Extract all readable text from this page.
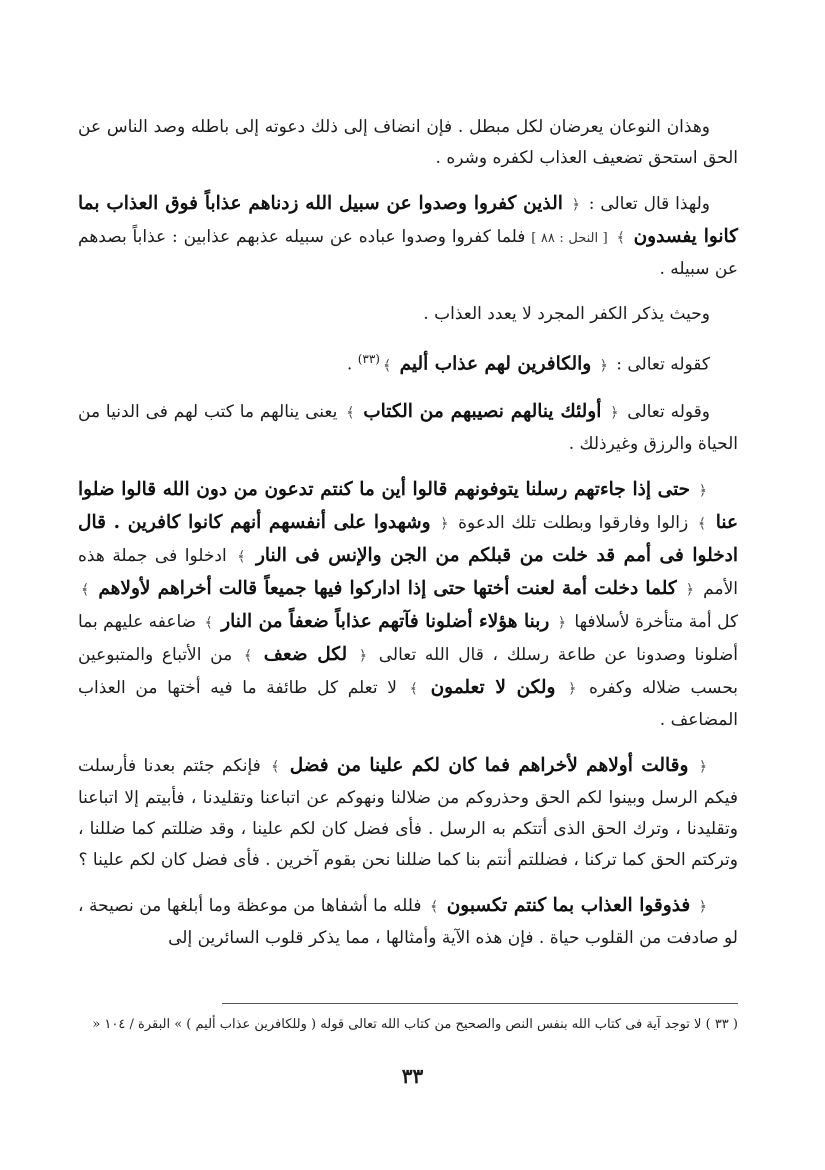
وهذان النوعان يعرضان لكل مبطل . فإن انضاف إلى ذلك دعوته إلى باطله وصد الناس عن الحق استحق تضعيف العذاب لكفره وشره .

ولهذا قال تعالى : ﴿ الذين كفروا وصدوا عن سبيل الله زدناهم عذاباً فوق العذاب بما كانوا يفسدون ﴾ [ النحل : ٨٨ ] فلما كفروا وصدوا عباده عن سبيله عذبهم عذابين : عذاباً بصدهم عن سبيله .

وحيث يذكر الكفر المجرد لا يعدد العذاب .

كقوله تعالى : ﴿ والكافرين لهم عذاب أليم ﴾$^{(٣٣)}$ .

وقوله تعالى ﴿ أولئك ينالهم نصيبهم من الكتاب ﴾ يعنى ينالهم ما كتب لهم فى الدنيا من الحياة والرزق وغيرذلك .

﴿ حتى إذا جاءتهم رسلنا يتوفونهم قالوا أين ما كنتم تدعون من دون الله قالوا ضلوا عنا ﴾ زالوا وفارقوا وبطلت تلك الدعوة ﴿ وشهدوا على أنفسهم أنهم كانوا كافرين . قال ادخلوا فى أمم قد خلت من قبلكم من الجن والإنس فى النار ﴾ ادخلوا فى جملة هذه الأمم ﴿ كلما دخلت أمة لعنت أختها حتى إذا اداركوا فيها جميعاً قالت أخراهم لأولاهم ﴾ كل أمة متأخرة لأسلافها ﴿ ربنا هؤلاء أضلونا فآتهم عذاباً ضعفاً من النار ﴾ ضاعفه عليهم بما أضلونا وصدونا عن طاعة رسلك ، قال الله تعالى ﴿ لكل ضعف ﴾ من الأتباع والمتبوعين بحسب ضلاله وكفره ﴿ ولكن لا تعلمون ﴾ لا تعلم كل طائفة ما فيه أختها من العذاب المضاعف .

﴿ وقالت أولاهم لأخراهم فما كان لكم علينا من فضل ﴾ فإنكم جئتم بعدنا فأرسلت فيكم الرسل وبينوا لكم الحق وحذروكم من ضلالنا ونهوكم عن اتباعنا وتقليدنا ، فأبيتم إلا اتباعنا وتقليدنا ، وترك الحق الذى أتتكم به الرسل . فأى فضل كان لكم علينا ، وقد ضللتم كما ضللنا ، وتركتم الحق كما تركنا ، فضللتم أنتم بنا كما ضللنا نحن بقوم آخرين . فأى فضل كان لكم علينا ؟

﴿ فذوقوا العذاب بما كنتم تكسبون ﴾ فلله ما أشفاها من موعظة وما أبلغها من نصيحة ، لو صادفت من القلوب حياة . فإن هذه الآية وأمثالها ، مما يذكر قلوب السائرين إلى

( ٣٣ ) لا توجد آية فى كتاب الله بنفس النص والصحيح من كتاب الله تعالى قوله ( وللكافرين عذاب أليم ) » البقرة / ١٠٤ «
٣٣
